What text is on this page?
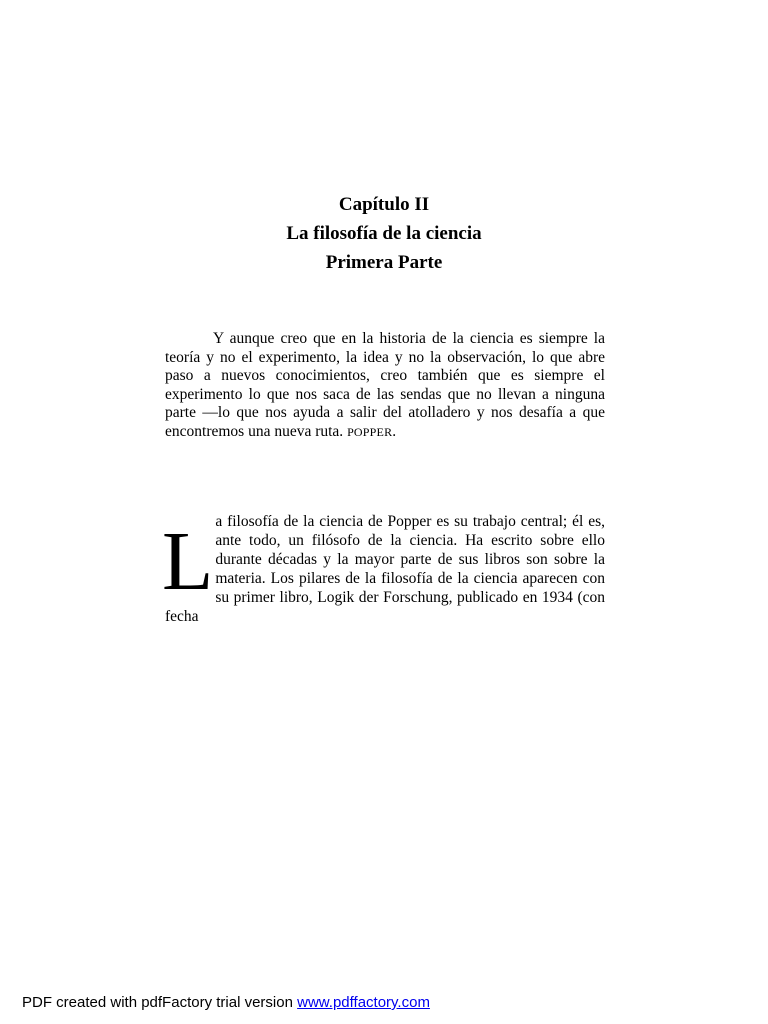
Capítulo II
La filosofía de la ciencia
Primera Parte
Y aunque creo que en la historia de la ciencia es siempre la teoría y no el experimento, la idea y no la observación, lo que abre paso a nuevos conocimientos, creo también que es siempre el experimento lo que nos saca de las sendas que no llevan a ninguna parte —lo que nos ayuda a salir del atolladero y nos desafía a que encontremos una nueva ruta. POPPER.
La filosofía de la ciencia de Popper es su trabajo central; él es, ante todo, un filósofo de la ciencia. Ha escrito sobre ello durante décadas y la mayor parte de sus libros son sobre la materia. Los pilares de la filosofía de la ciencia aparecen con su primer libro, Logik der Forschung, publicado en 1934 (con fecha
PDF created with pdfFactory trial version www.pdffactory.com
